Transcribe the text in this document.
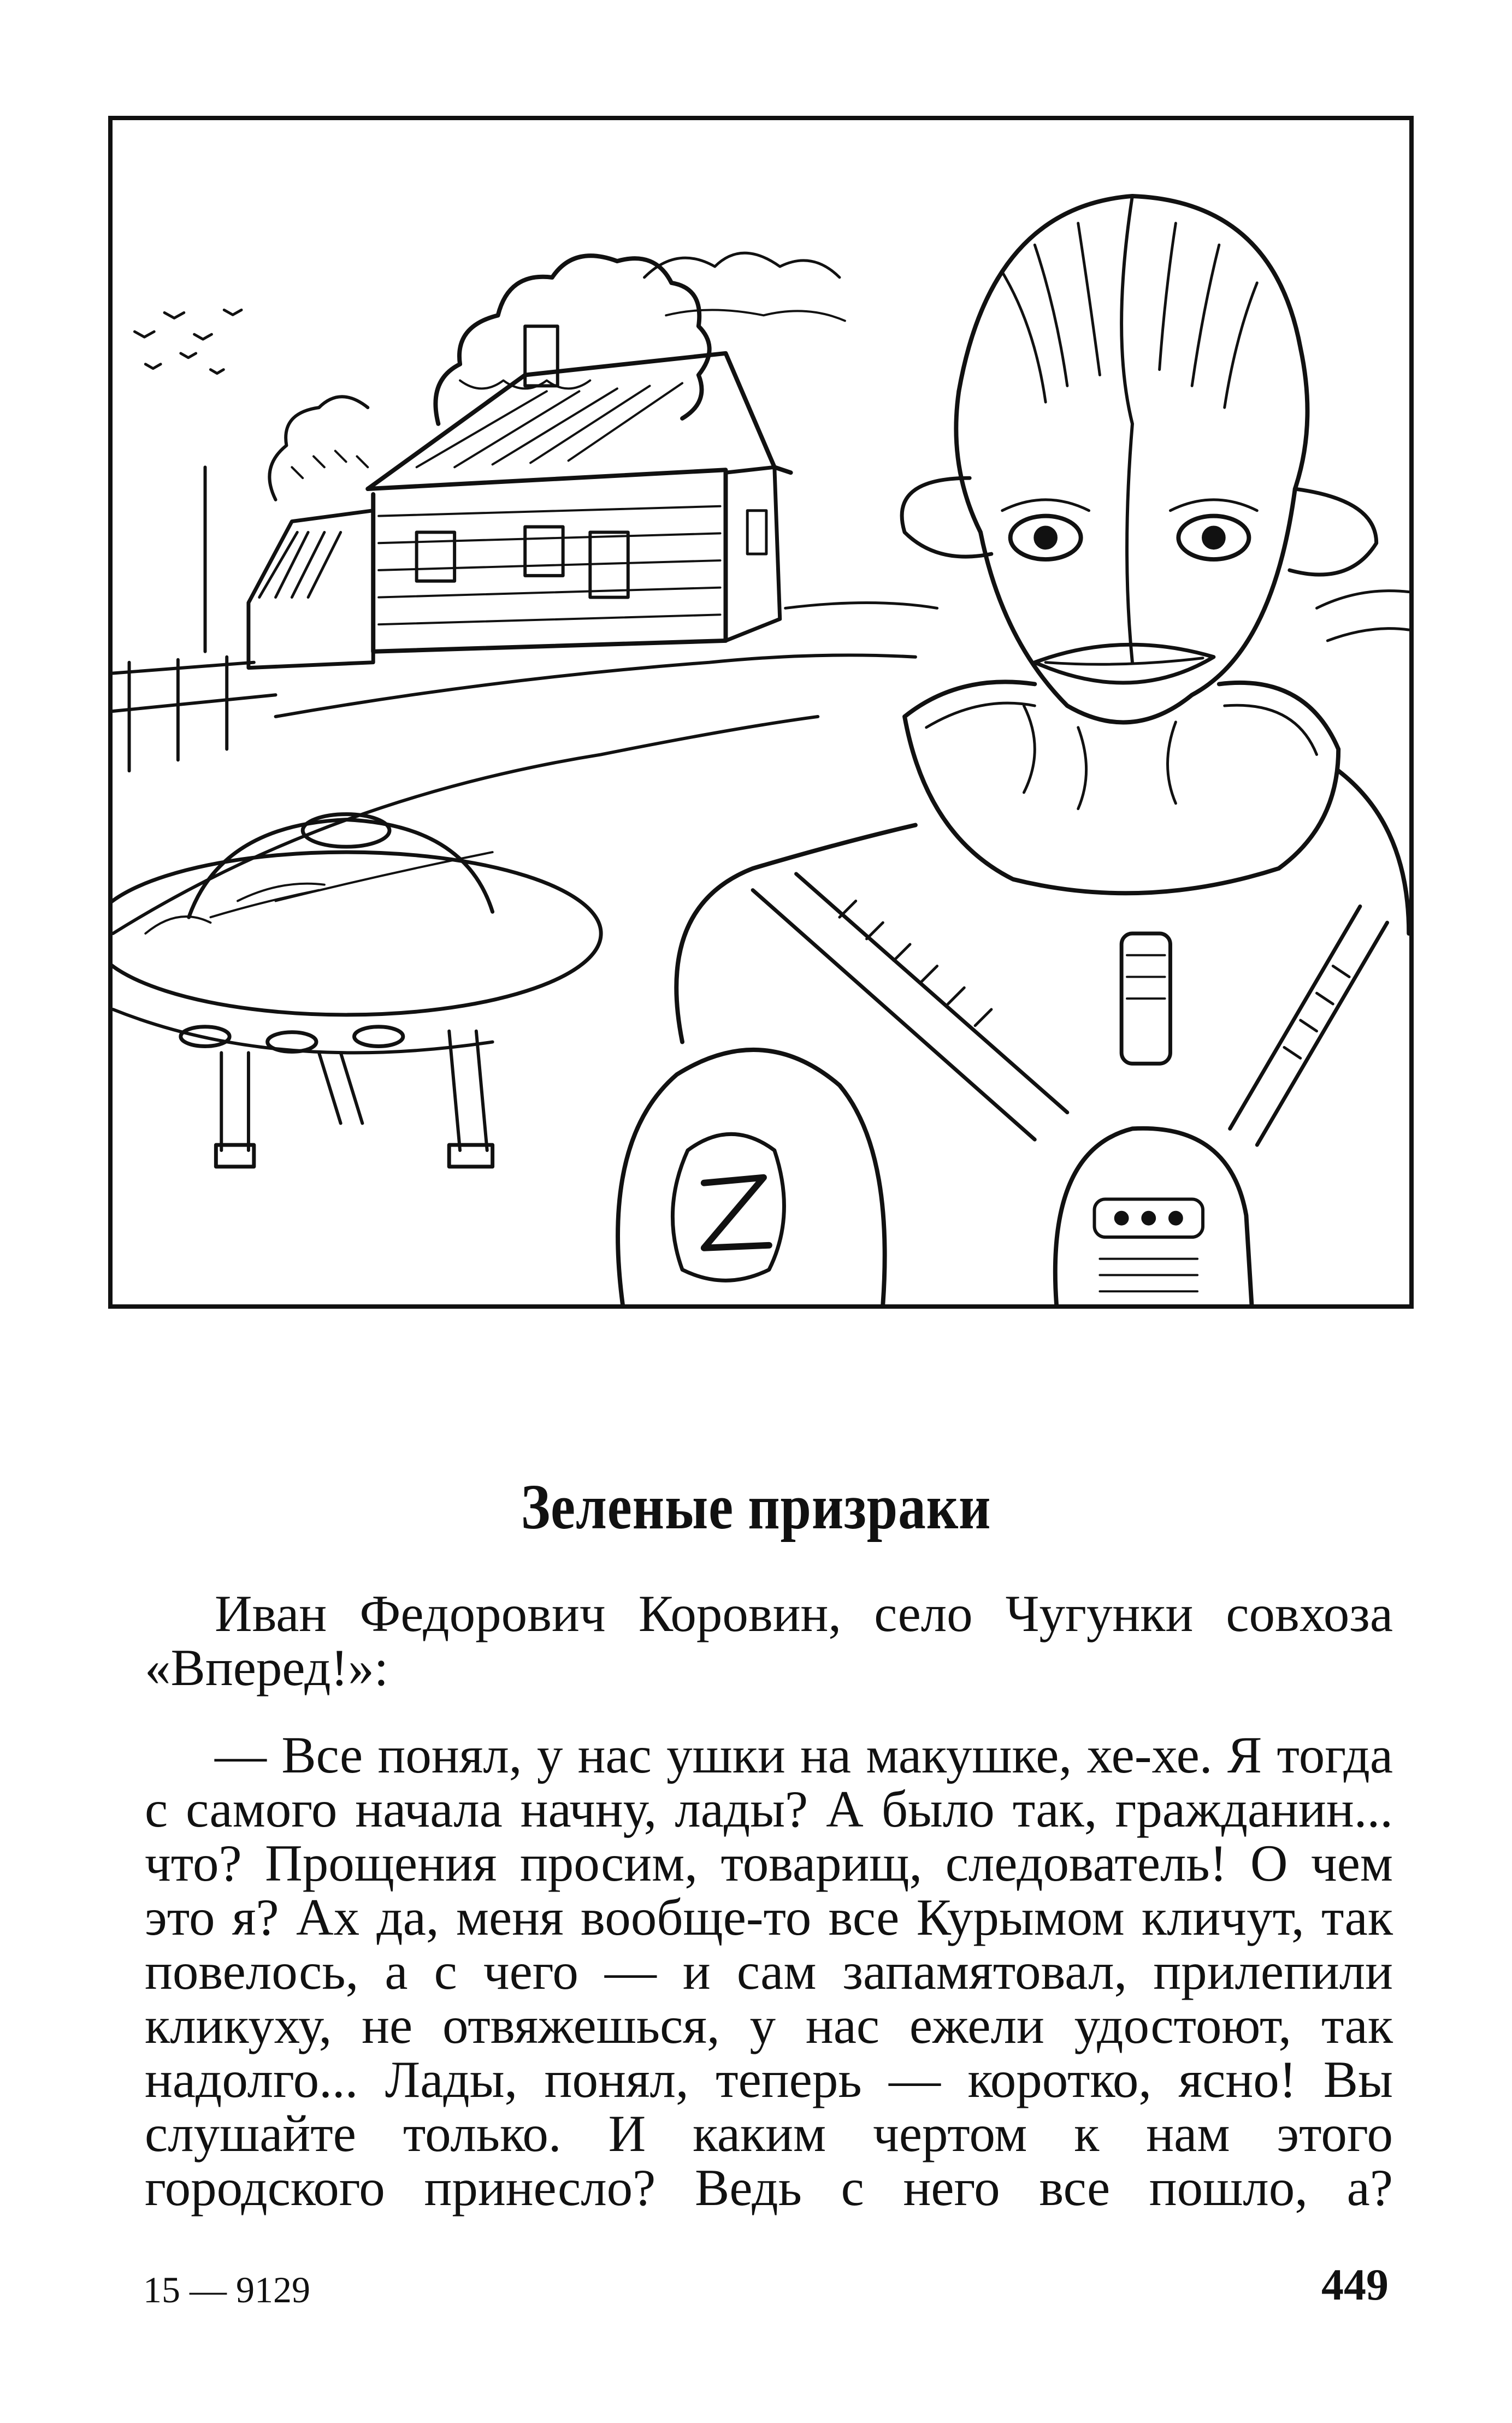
Зеленые призраки

Иван Федорович Коровин, село Чугунки совхоза «Вперед!»:

— Все понял, у нас ушки на макушке, хе-хе. Я тогда с самого начала начну, лады? А было так, гражданин... что? Прощения просим, товарищ, следователь! О чем это я? Ах да, меня вообще-то все Курымом кличут, так повелось, а с чего — и сам запамятовал, прилепили кликуху, не отвяжешься, у нас ежели удостоют, так надолго... Лады, понял, теперь — коротко, ясно! Вы слушайте только. И каким чертом к нам этого городского принесло? Ведь с него все пошло, а?

15 — 9129	449
